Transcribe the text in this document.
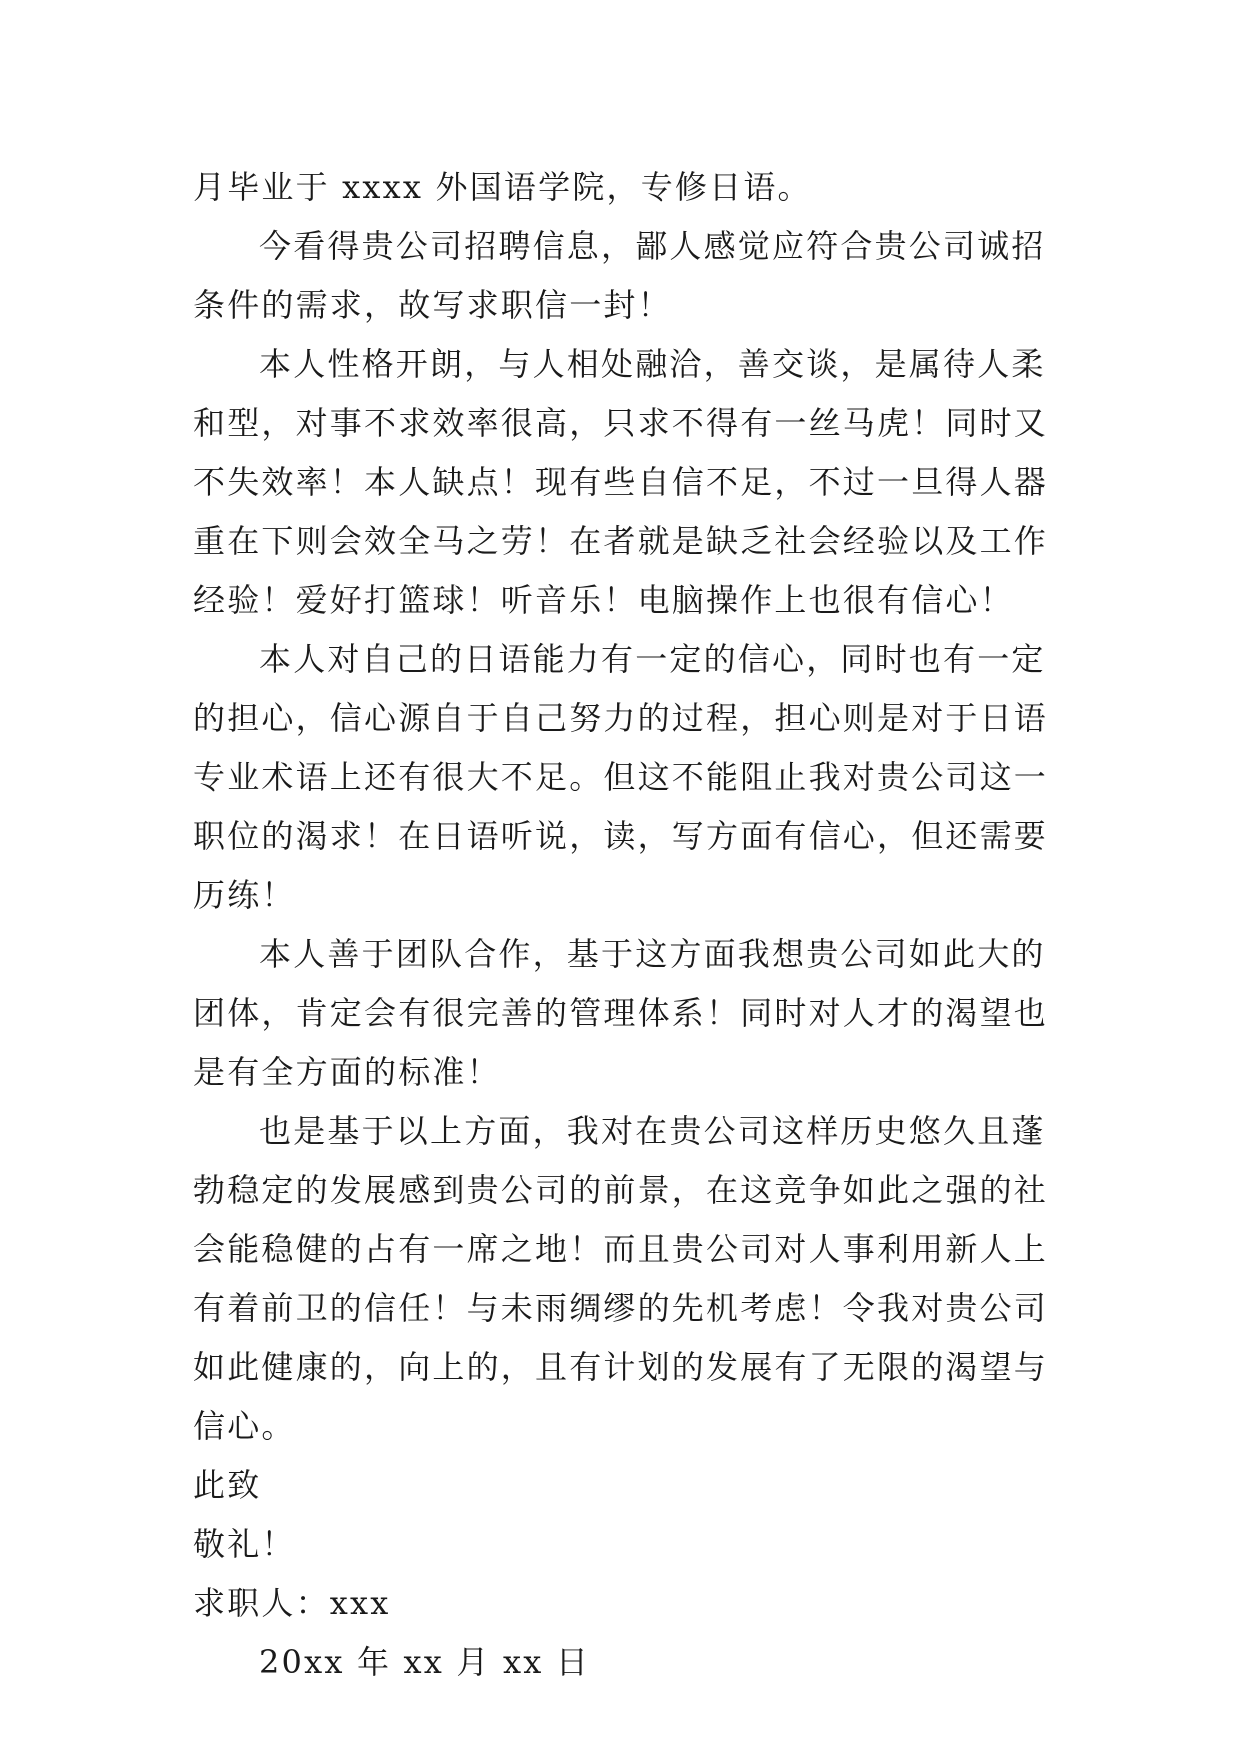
月毕业于 xxxx 外国语学院，专修日语。

今看得贵公司招聘信息，鄙人感觉应符合贵公司诚招条件的需求，故写求职信一封！

本人性格开朗，与人相处融洽，善交谈，是属待人柔和型，对事不求效率很高，只求不得有一丝马虎！同时又不失效率！本人缺点！现有些自信不足，不过一旦得人器重在下则会效全马之劳！在者就是缺乏社会经验以及工作经验！爱好打篮球！听音乐！电脑操作上也很有信心！

本人对自己的日语能力有一定的信心，同时也有一定的担心，信心源自于自己努力的过程，担心则是对于日语专业术语上还有很大不足。但这不能阻止我对贵公司这一职位的渴求！在日语听说，读，写方面有信心，但还需要历练！

本人善于团队合作，基于这方面我想贵公司如此大的团体，肯定会有很完善的管理体系！同时对人才的渴望也是有全方面的标准！

也是基于以上方面，我对在贵公司这样历史悠久且蓬勃稳定的发展感到贵公司的前景，在这竞争如此之强的社会能稳健的占有一席之地！而且贵公司对人事利用新人上有着前卫的信任！与未雨绸缪的先机考虑！令我对贵公司如此健康的，向上的，且有计划的发展有了无限的渴望与信心。

此致

敬礼！

求职人：xxx

20xx 年 xx 月 xx 日
